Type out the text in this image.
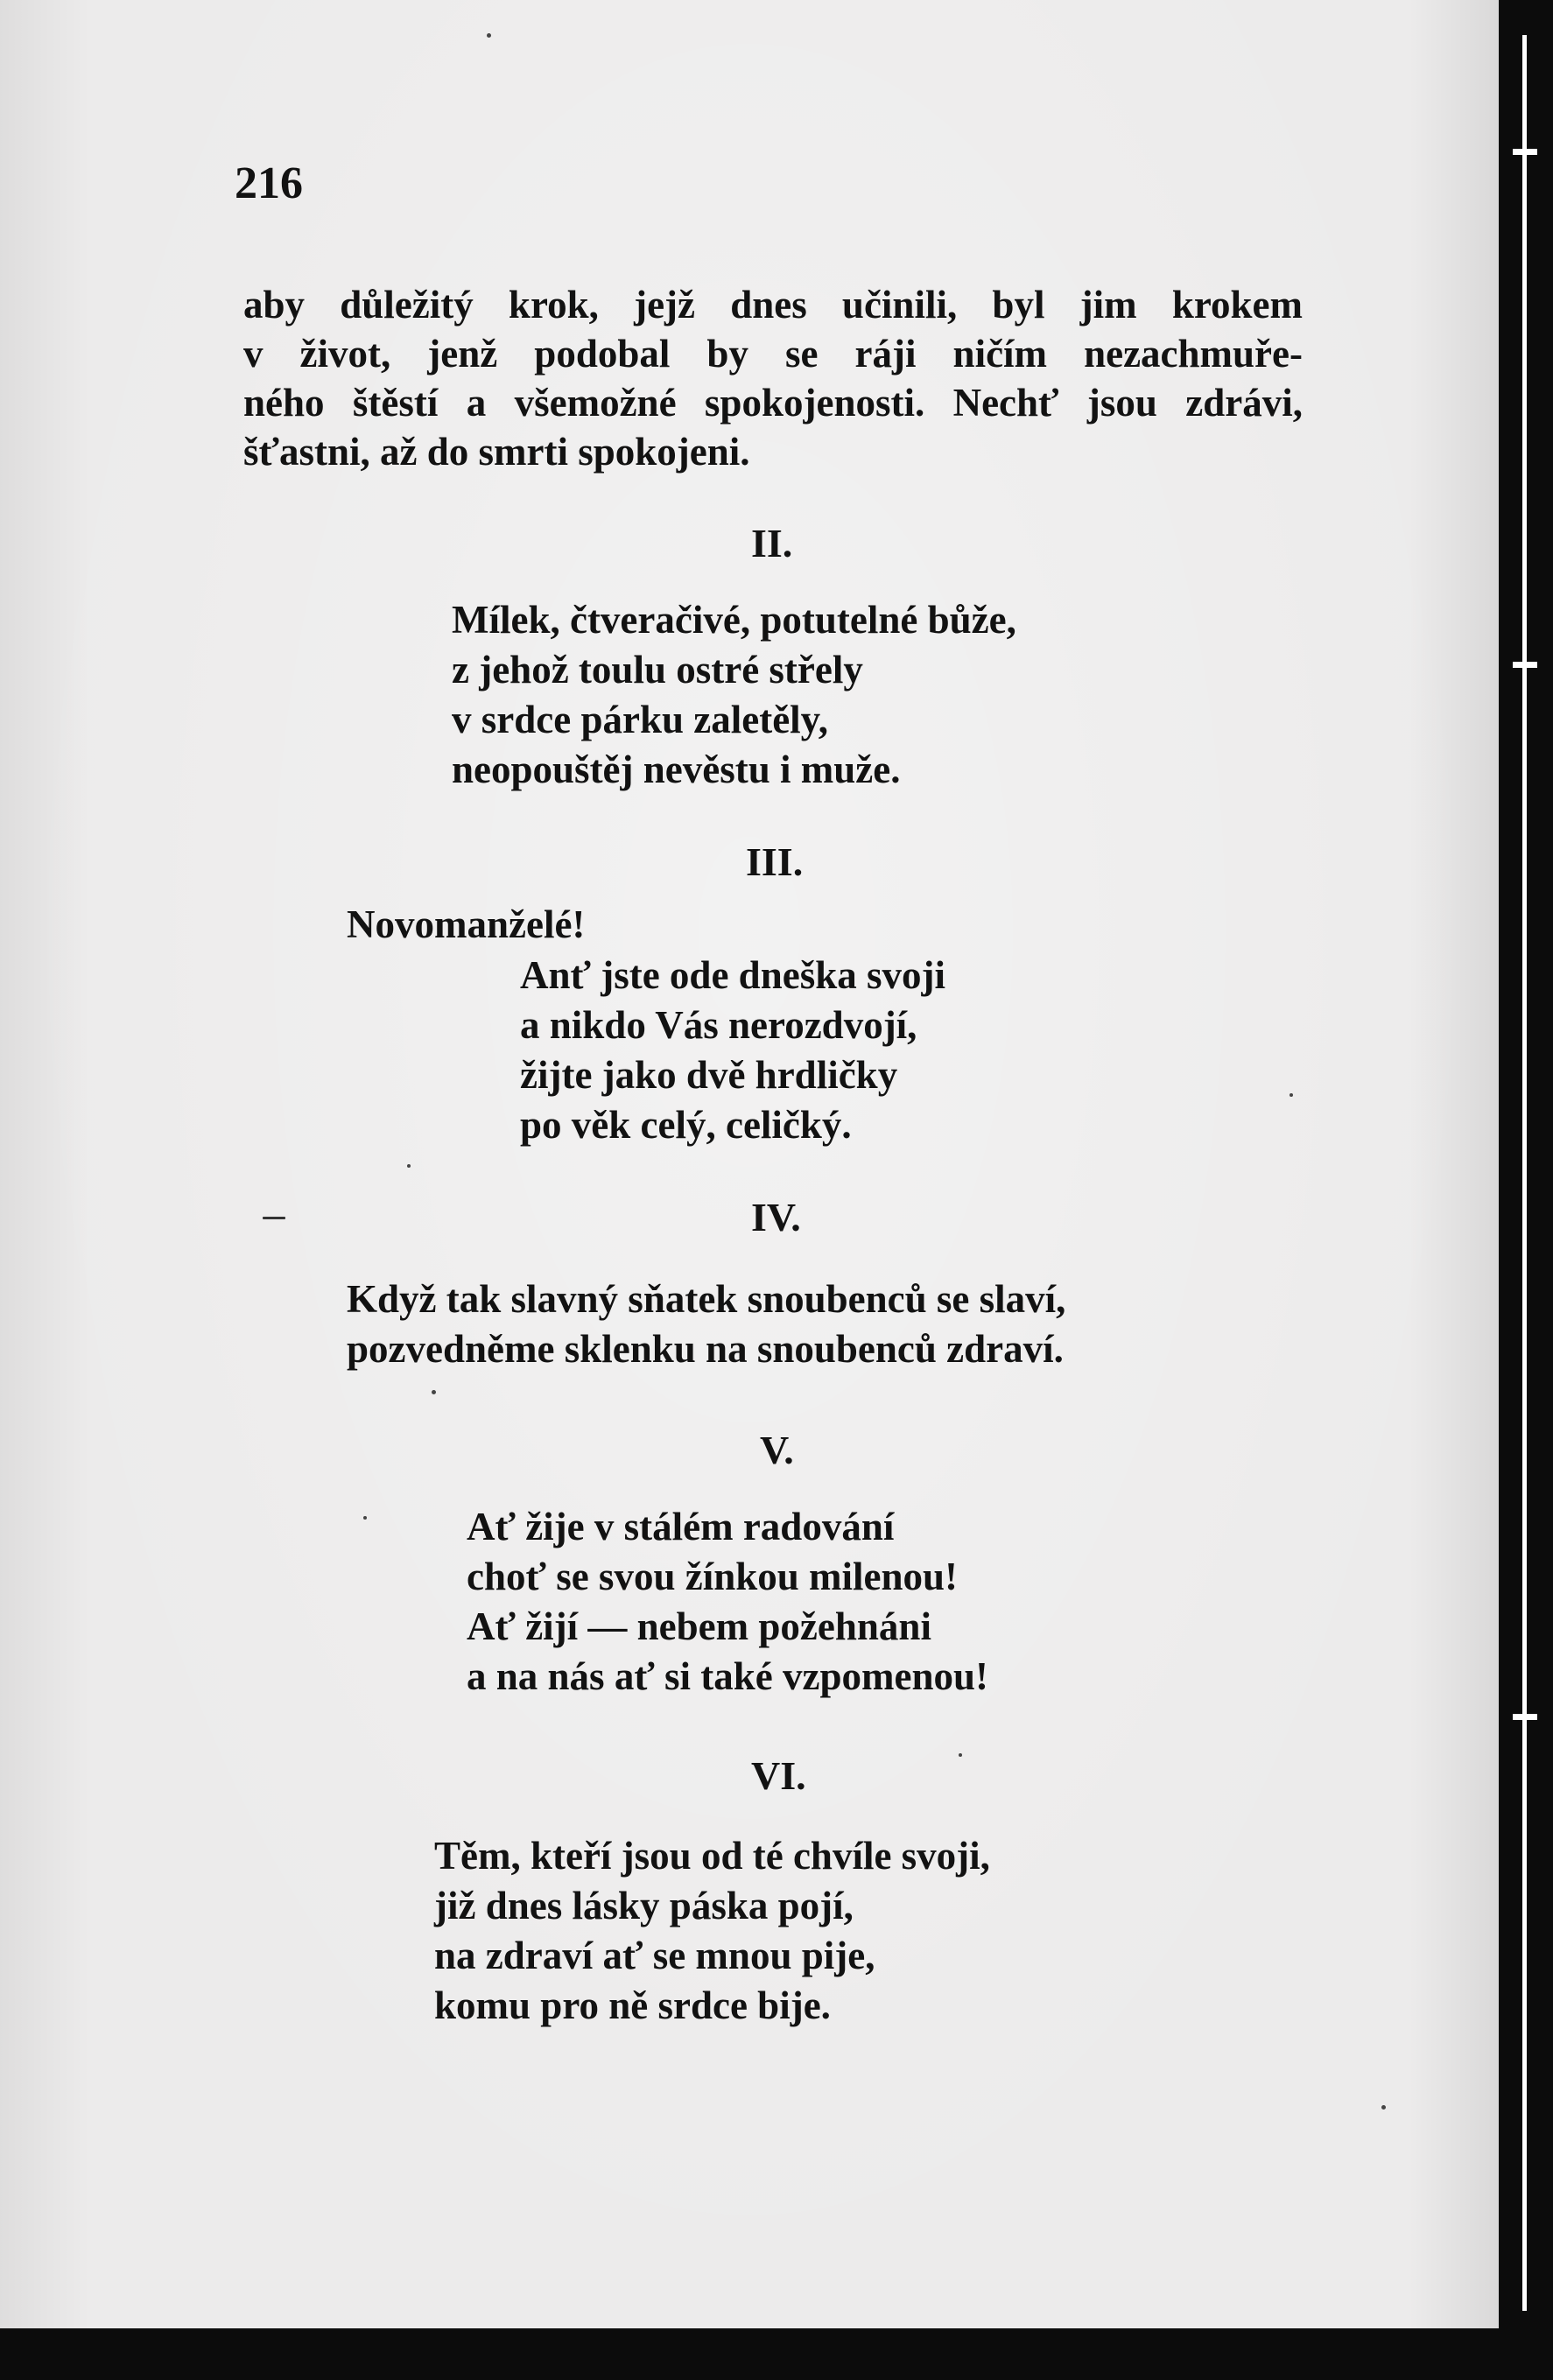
216
aby důležitý krok, jejž dnes učinili, byl jim krokem
v život, jenž podobal by se ráji ničím nezachmuře-
ného štěstí a všemožné spokojenosti. Nechť jsou zdrávi,
šťastni, až do smrti spokojeni.
II.
Mílek, čtveračivé, potutelné bůže,
z jehož toulu ostré střely
v srdce párku zaletěly,
neopouštěj nevěstu i muže.
III.
Novomanželé!
Anť jste ode dneška svoji
a nikdo Vás nerozdvojí,
žijte jako dvě hrdličky
po věk celý, celičký.
IV.
Když tak slavný sňatek snoubenců se slaví,
pozvedněme sklenku na snoubenců zdraví.
V.
Ať žije v stálém radování
choť se svou žínkou milenou!
Ať žijí — nebem požehnáni
a na nás ať si také vzpomenou!
VI.
Těm, kteří jsou od té chvíle svoji,
již dnes lásky páska pojí,
na zdraví ať se mnou pije,
komu pro ně srdce bije.
